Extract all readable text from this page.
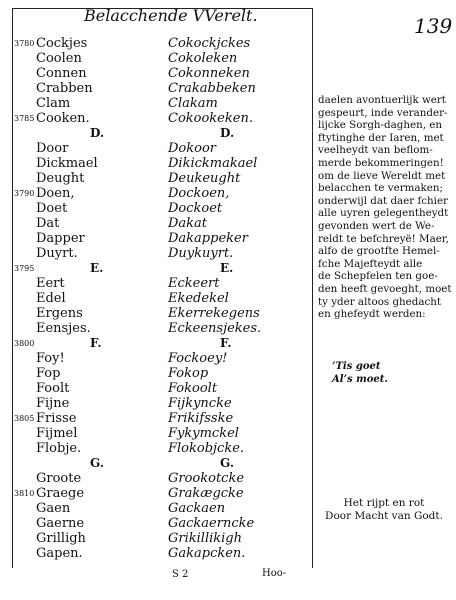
Belacchende VVerelt.	139
3780
3785
3790
3795
3800
3805
3810
Cockjes
Coolen
Connen
Crabben
Clam
Cooken.
D.
Door
Dickmael
Deught
Doen,
Doet
Dat
Dapper
Duyrt.
E.
Eert
Edel
Ergens
Eensjes.
F.
Foy!
Fop
Foolt
Fijne
Frisse
Fijmel
Flobje.
G.
Groote
Graege
Gaen
Gaerne
Grilligh
Gapen.
Cokockjckes
Cokoleken
Cokonneken
Crakabbeken
Clakam
Cokookeken.
D.
Dokoor
Dikickmakael
Deukeught
Dockoen,
Dockoet
Dakat
Dakappeker
Duykuyrt.
E.
Eckeert
Ekedekel
Ekerrekegens
Eckeensjekes.
F.
Fockoey!
Fokop
Fokoolt
Fijkyncke
Frikifsske
Fykymckel
Flokobjcke.
G.
Grookotcke
Grakægcke
Gackaen
Gackaerncke
Grikillikigh
Gakapcken.
daelen avontuerlijk wert
gespeurt, inde verander-
lijcke Sorgh-daghen, en
ftytinghe der Iaren, met
veelheydt van beflom-
merde bekommeringen!
om de lieve Wereldt met
belacchen te vermaken;
onderwijl dat daer fchier
alle uyren gelegentheydt
gevonden wert de We-
reldt te befchreyë! Maer,
alfo de grootfte Hemel-
fche Majefteydt alle
de Schepfelen ten goe-
den heeft gevoeght, moet
ty yder altoos ghedacht
en ghefeydt werden:
’Tis goet
Al’s moet.
Het rijpt en rot
Door Macht van Godt.
S 2	Hoo-
